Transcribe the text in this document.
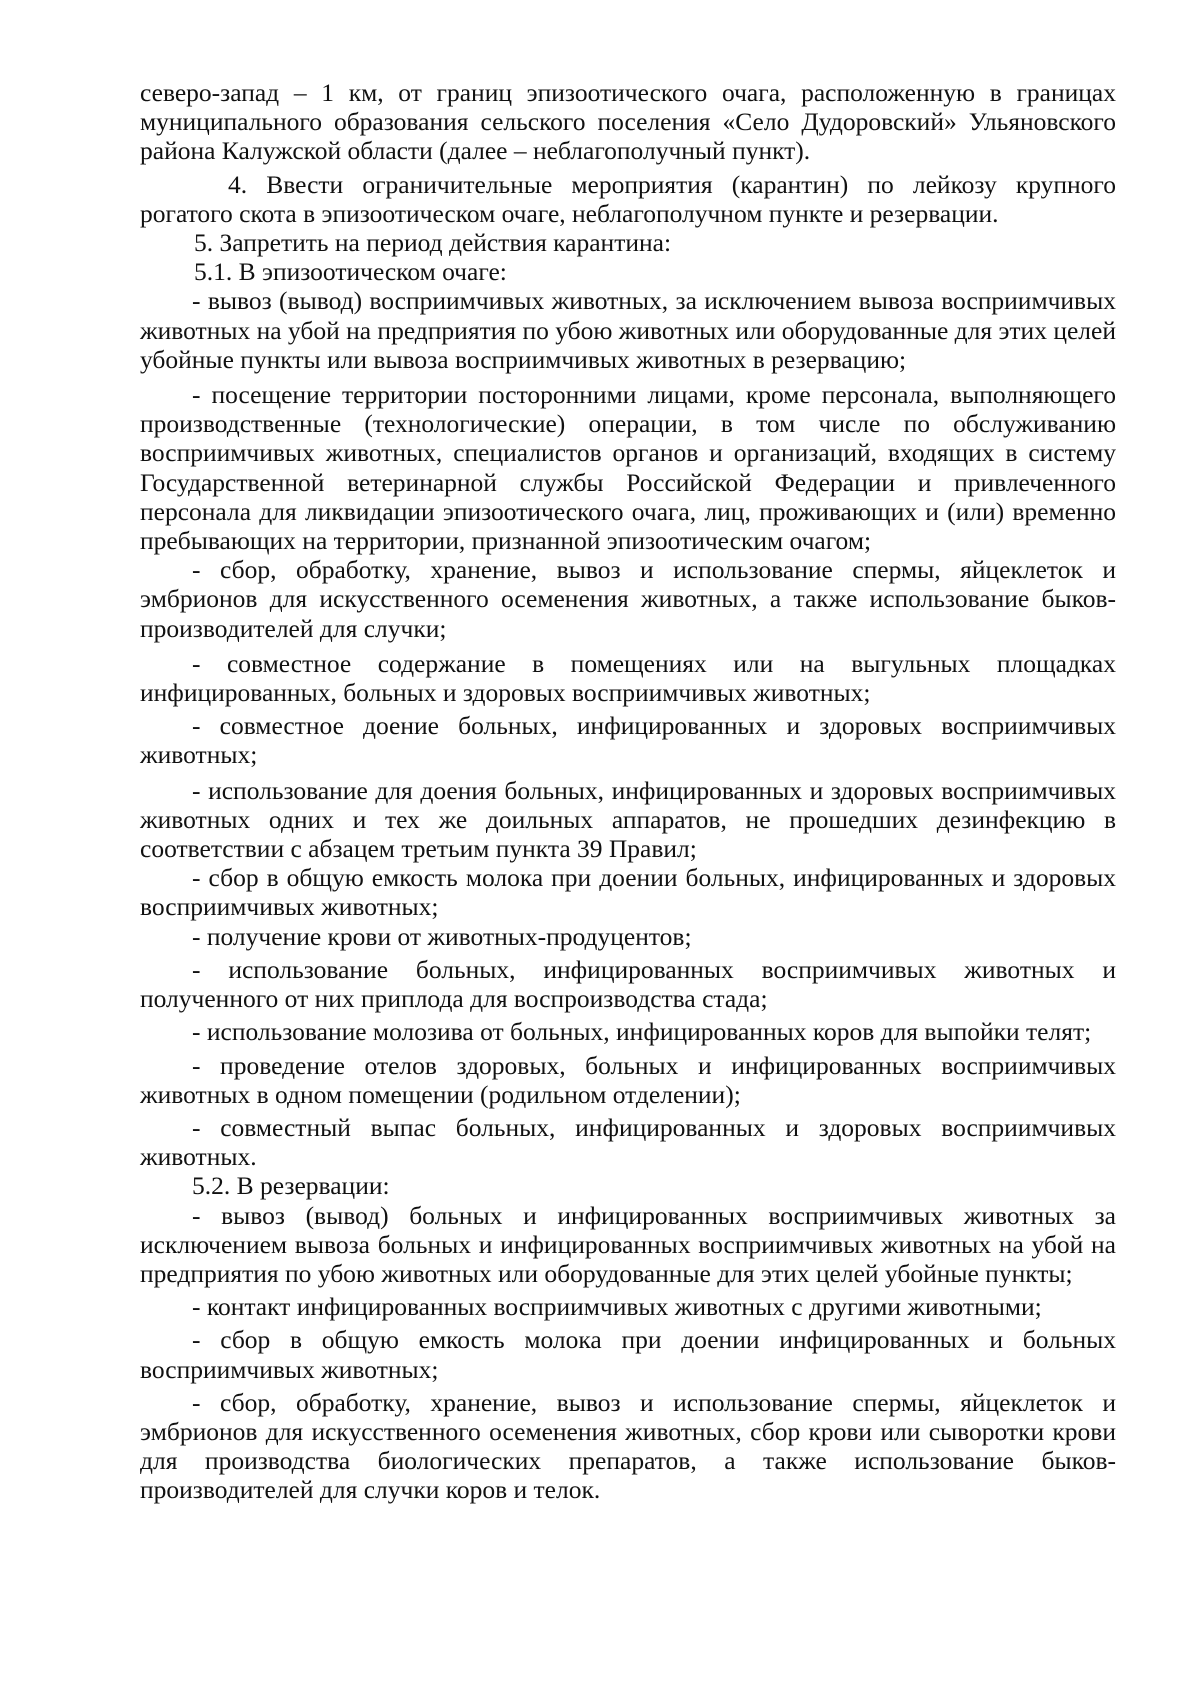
северо-запад – 1 км, от границ эпизоотического очага, расположенную в границах муниципального образования сельского поселения «Село Дудоровский» Ульяновского района Калужской области (далее – неблагополучный пункт).

4. Ввести ограничительные мероприятия (карантин) по лейкозу крупного рогатого скота в эпизоотическом очаге, неблагополучном пункте и резервации.

5. Запретить на период действия карантина:

5.1. В эпизоотическом очаге:

- вывоз (вывод) восприимчивых животных, за исключением вывоза восприимчивых животных на убой на предприятия по убою животных или оборудованные для этих целей убойные пункты или вывоза восприимчивых животных в резервацию;

- посещение территории посторонними лицами, кроме персонала, выполняющего производственные (технологические) операции, в том числе по обслуживанию восприимчивых животных, специалистов органов и организаций, входящих в систему Государственной ветеринарной службы Российской Федерации и привлеченного персонала для ликвидации эпизоотического очага, лиц, проживающих и (или) временно пребывающих на территории, признанной эпизоотическим очагом;

- сбор, обработку, хранение, вывоз и использование спермы, яйцеклеток и эмбрионов для искусственного осеменения животных, а также использование быков-производителей для случки;

- совместное содержание в помещениях или на выгульных площадках инфицированных, больных и здоровых восприимчивых животных;

- совместное доение больных, инфицированных и здоровых восприимчивых животных;

- использование для доения больных, инфицированных и здоровых восприимчивых животных одних и тех же доильных аппаратов, не прошедших дезинфекцию в соответствии с абзацем третьим пункта 39 Правил;

- сбор в общую емкость молока при доении больных, инфицированных и здоровых восприимчивых животных;

- получение крови от животных-продуцентов;

- использование больных, инфицированных восприимчивых животных и полученного от них приплода для воспроизводства стада;

- использование молозива от больных, инфицированных коров для выпойки телят;

- проведение отелов здоровых, больных и инфицированных восприимчивых животных в одном помещении (родильном отделении);

- совместный выпас больных, инфицированных и здоровых восприимчивых животных.

5.2. В резервации:

- вывоз (вывод) больных и инфицированных восприимчивых животных за исключением вывоза больных и инфицированных восприимчивых животных на убой на предприятия по убою животных или оборудованные для этих целей убойные пункты;

- контакт инфицированных восприимчивых животных с другими животными;

- сбор в общую емкость молока при доении инфицированных и больных восприимчивых животных;

- сбор, обработку, хранение, вывоз и использование спермы, яйцеклеток и эмбрионов для искусственного осеменения животных, сбор крови или сыворотки крови для производства биологических препаратов, а также использование быков-производителей для случки коров и телок.
